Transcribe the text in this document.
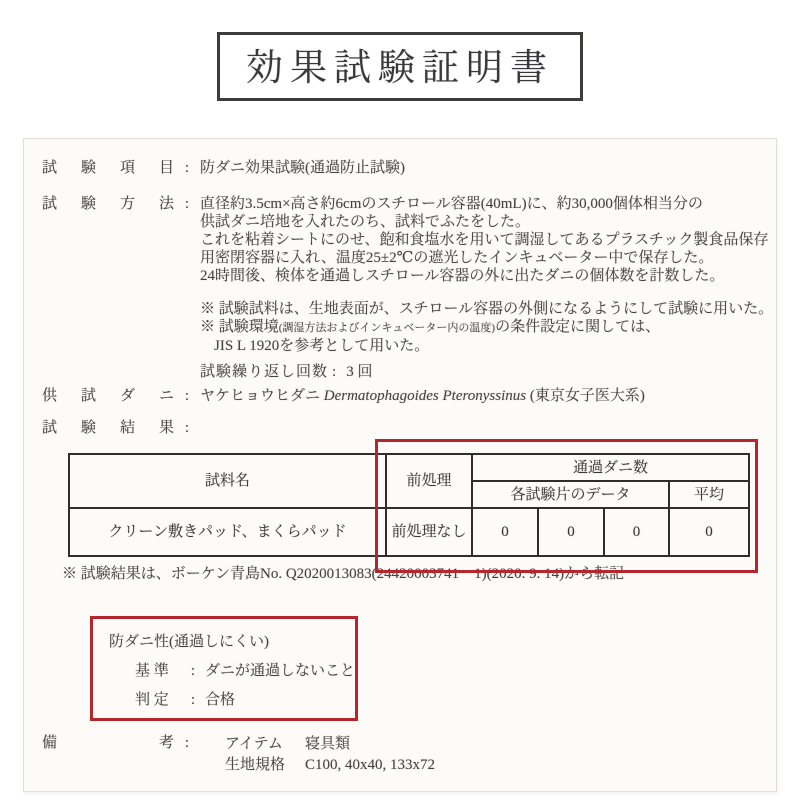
効果試験証明書
試験項目 : 防ダニ効果試験(通過防止試験)
試験方法 : 直径約3.5cm×高さ約6cmのスチロール容器(40mL)に、約30,000個体相当分の
供試ダニ培地を入れたのち、試料でふたをした。
これを粘着シートにのせ、飽和食塩水を用いて調湿してあるプラスチック製食品保存
用密閉容器に入れ、温度25±2℃の遮光したインキュベーター中で保存した。
24時間後、検体を通過しスチロール容器の外に出たダニの個体数を計数した。
※ 試験試料は、生地表面が、スチロール容器の外側になるようにして試験に用いた。
※ 試験環境(調湿方法およびインキュベーター内の温度)の条件設定に関しては、
JIS L 1920を参考として用いた。
試験繰り返し回数 : 3 回
供試ダニ : ヤケヒョウヒダニ Dermatophagoides Pteronyssinus (東京女子医大系)
試験結果 :
試料名	前処理	通過ダニ数			
		各試験片のデータ			平均
クリーン敷きパッド、まくらパッド	前処理なし	0	0	0	0
※ 試験結果は、ボーケン青島No. Q2020013083(24420003741－1)(2020. 9. 14)から転記
防ダニ性(通過しにくい)
基 準	: ダニが通過しないこと
判 定	: 合格
備考 :	アイテム	寝具類
生地規格	C100, 40x40, 133x72
